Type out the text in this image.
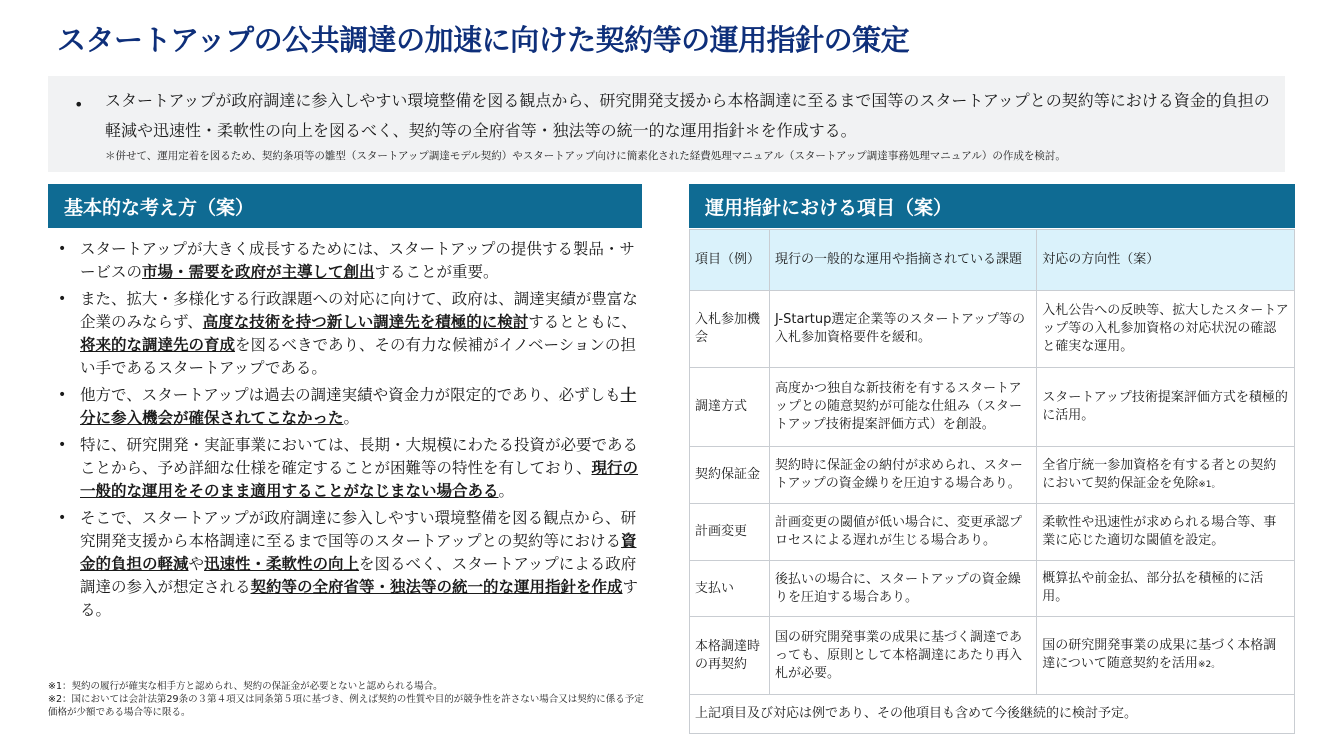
スタートアップの公共調達の加速に向けた契約等の運用指針の策定
• スタートアップが政府調達に参入しやすい環境整備を図る観点から、研究開発支援から本格調達に至るまで国等のスタートアップとの契約等における資金的負担の軽減や迅速性・柔軟性の向上を図るべく、契約等の全府省等・独法等の統一的な運用指針＊を作成する。

＊併せて、運用定着を図るため、契約条項等の雛型（スタートアップ調達モデル契約）やスタートアップ向けに簡素化された経費処理マニュアル（スタートアップ調達事務処理マニュアル）の作成を検討。

基本的な考え方（案）
• スタートアップが大きく成長するためには、スタートアップの提供する製品・サービスの市場・需要を政府が主導して創出することが重要。
• また、拡大・多様化する行政課題への対応に向けて、政府は、調達実績が豊富な企業のみならず、高度な技術を持つ新しい調達先を積極的に検討するとともに、将来的な調達先の育成を図るべきであり、その有力な候補がイノベーションの担い手であるスタートアップである。
• 他方で、スタートアップは過去の調達実績や資金力が限定的であり、必ずしも十分に参入機会が確保されてこなかった。
• 特に、研究開発・実証事業においては、長期・大規模にわたる投資が必要であることから、予め詳細な仕様を確定することが困難等の特性を有しており、現行の一般的な運用をそのまま適用することがなじまない場合ある。
• そこで、スタートアップが政府調達に参入しやすい環境整備を図る観点から、研究開発支援から本格調達に至るまで国等のスタートアップとの契約等における資金的負担の軽減や迅速性・柔軟性の向上を図るべく、スタートアップによる政府調達の参入が想定される契約等の全府省等・独法等の統一的な運用指針を作成する。

※1：契約の履行が確実な相手方と認められ、契約の保証金が必要とないと認められる場合。

※2：国においては会計法第29条の３第４項又は同条第５項に基づき、例えば契約の性質や目的が競争性を許さない場合又は契約に係る予定価格が少額である場合等に限る。

運用指針における項目（案）
項目（例）	現行の一般的な運用や指摘されている課題	対応の方向性（案）
入札参加機会	J-Startup選定企業等のスタートアップ等の入札参加資格要件を緩和。	入札公告への反映等、拡大したスタートアップ等の入札参加資格の対応状況の確認と確実な運用。
調達方式	高度かつ独自な新技術を有するスタートアップとの随意契約が可能な仕組み（スタートアップ技術提案評価方式）を創設。	スタートアップ技術提案評価方式を積極的に活用。
契約保証金	契約時に保証金の納付が求められ、スタートアップの資金繰りを圧迫する場合あり。	全省庁統一参加資格を有する者との契約において契約保証金を免除※1。
計画変更	計画変更の閾値が低い場合に、変更承認プロセスによる遅れが生じる場合あり。	柔軟性や迅速性が求められる場合等、事業に応じた適切な閾値を設定。
支払い	後払いの場合に、スタートアップの資金繰りを圧迫する場合あり。	概算払や前金払、部分払を積極的に活用。
本格調達時の再契約	国の研究開発事業の成果に基づく調達であっても、原則として本格調達にあたり再入札が必要。	国の研究開発事業の成果に基づく本格調達について随意契約を活用※2。
上記項目及び対応は例であり、その他項目も含めて今後継続的に検討予定。		
